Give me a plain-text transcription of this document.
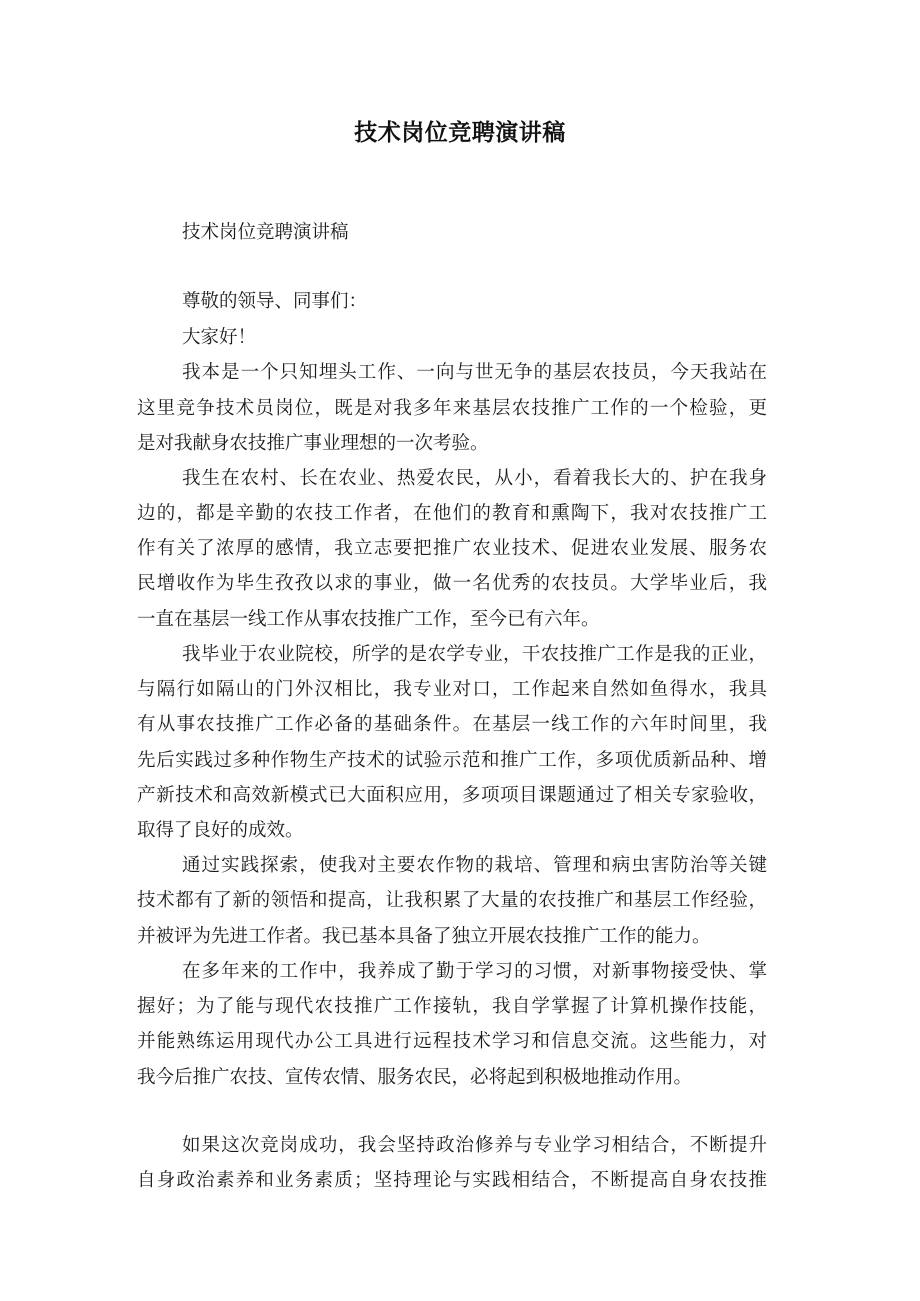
技术岗位竞聘演讲稿
技术岗位竞聘演讲稿
尊敬的领导、同事们：
大家好！
我本是一个只知埋头工作、一向与世无争的基层农技员，今天我站在
这里竞争技术员岗位，既是对我多年来基层农技推广工作的一个检验，更
是对我献身农技推广事业理想的一次考验。
我生在农村、长在农业、热爱农民，从小，看着我长大的、护在我身
边的，都是辛勤的农技工作者，在他们的教育和熏陶下，我对农技推广工
作有关了浓厚的感情，我立志要把推广农业技术、促进农业发展、服务农
民增收作为毕生孜孜以求的事业，做一名优秀的农技员。大学毕业后，我
一直在基层一线工作从事农技推广工作，至今已有六年。
我毕业于农业院校，所学的是农学专业，干农技推广工作是我的正业，
与隔行如隔山的门外汉相比，我专业对口，工作起来自然如鱼得水，我具
有从事农技推广工作必备的基础条件。在基层一线工作的六年时间里，我
先后实践过多种作物生产技术的试验示范和推广工作，多项优质新品种、增
产新技术和高效新模式已大面积应用，多项项目课题通过了相关专家验收，
取得了良好的成效。
通过实践探索，使我对主要农作物的栽培、管理和病虫害防治等关键
技术都有了新的领悟和提高，让我积累了大量的农技推广和基层工作经验，
并被评为先进工作者。我已基本具备了独立开展农技推广工作的能力。
在多年来的工作中，我养成了勤于学习的习惯，对新事物接受快、掌
握好；为了能与现代农技推广工作接轨，我自学掌握了计算机操作技能，
并能熟练运用现代办公工具进行远程技术学习和信息交流。这些能力，对
我今后推广农技、宣传农情、服务农民，必将起到积极地推动作用。
如果这次竞岗成功，我会坚持政治修养与专业学习相结合，不断提升
自身政治素养和业务素质；坚持理论与实践相结合，不断提高自身农技推
